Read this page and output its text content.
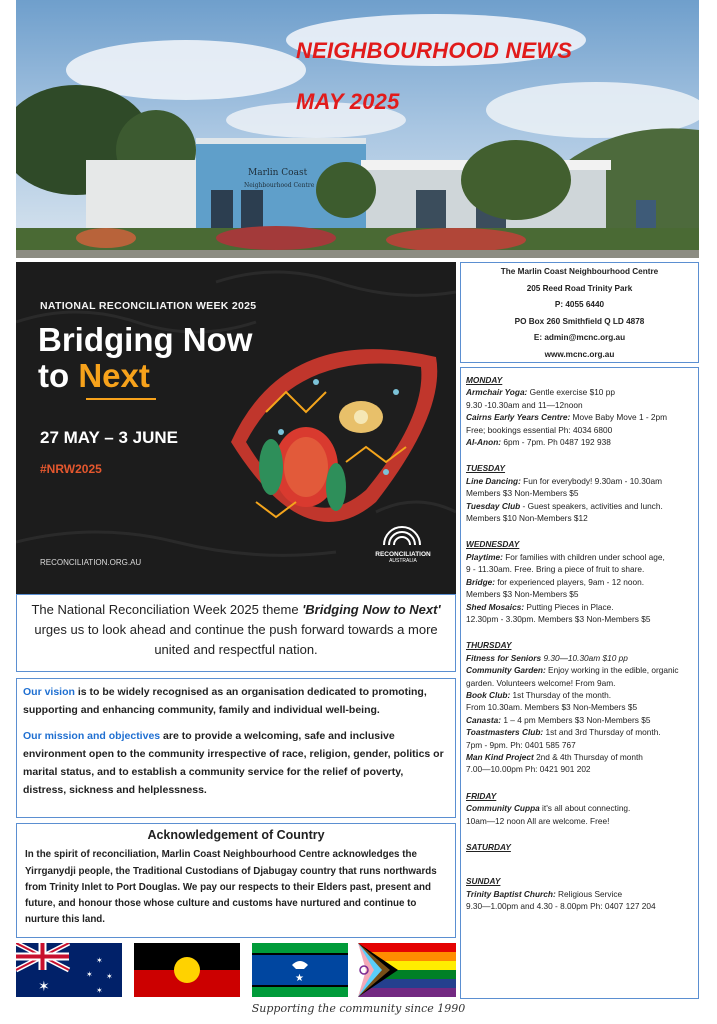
Marlin Coast
Neighbourhood Centre
NEIGHBOURHOOD NEWS
MAY 2025
NATIONAL RECONCILIATION WEEK 2025
Bridging Now
to Next
27 MAY – 3 JUNE
#NRW2025
RECONCILIATION.ORG.AU
RECONCILIATION
AUSTRALIA
The National Reconciliation Week 2025 theme 'Bridging Now to Next' urges us to look ahead and continue the push forward towards a more united and respectful nation.

Our vision is to be widely recognised as an organisation dedicated to promoting, supporting and enhancing community, family and individual well-being.

Our mission and objectives are to provide a welcoming, safe and inclusive environment open to the community irrespective of race, religion, gender, politics or marital status, and to establish a community service for the relief of poverty, distress, sickness and helplessness.

Acknowledgement of Country

In the spirit of reconciliation, Marlin Coast Neighbourhood Centre acknowledges the Yirrganydji people, the Traditional Custodians of Djabugay country that runs northwards from Trinity Inlet to Port Douglas. We pay our respects to their Elders past, present and future, and honour those whose culture and customs have nurtured and continue to nurture this land.

✶
✶
✶ ✶
✶
★
The Marlin Coast Neighbourhood Centre
205 Reed Road Trinity Park
P: 4055 6440
PO Box 260 Smithfield Q LD 4878
E: admin@mcnc.org.au
www.mcnc.org.au
MONDAY
Armchair Yoga: Gentle exercise $10 pp
9.30 -10.30am and 11—12noon
Cairns Early Years Centre: Move Baby Move 1 - 2pm
Free; bookings essential Ph: 4034 6800
Al-Anon: 6pm - 7pm. Ph 0487 192 938
TUESDAY
Line Dancing: Fun for everybody! 9.30am - 10.30am
Members $3 Non-Members $5
Tuesday Club - Guest speakers, activities and lunch.
Members $10 Non-Members $12
WEDNESDAY
Playtime: For families with children under school age,
9 - 11.30am. Free. Bring a piece of fruit to share.
Bridge: for experienced players, 9am - 12 noon.
Members $3 Non-Members $5
Shed Mosaics: Putting Pieces in Place.
12.30pm - 3.30pm. Members $3 Non-Members $5
THURSDAY
Fitness for Seniors 9.30—10.30am $10 pp
Community Garden: Enjoy working in the edible, organic
garden. Volunteers welcome! From 9am.
Book Club: 1st Thursday of the month.
From 10.30am. Members $3 Non-Members $5
Canasta: 1 – 4 pm Members $3 Non-Members $5
Toastmasters Club: 1st and 3rd Thursday of month.
7pm - 9pm. Ph: 0401 585 767
Man Kind Project 2nd & 4th Thursday of month
7.00—10.00pm Ph: 0421 901 202
FRIDAY
Community Cuppa it's all about connecting.
10am—12 noon All are welcome. Free!
SATURDAY
SUNDAY
Trinity Baptist Church: Religious Service
9.30—1.00pm and 4.30 - 8.00pm Ph: 0407 127 204
Supporting the community since 1990
